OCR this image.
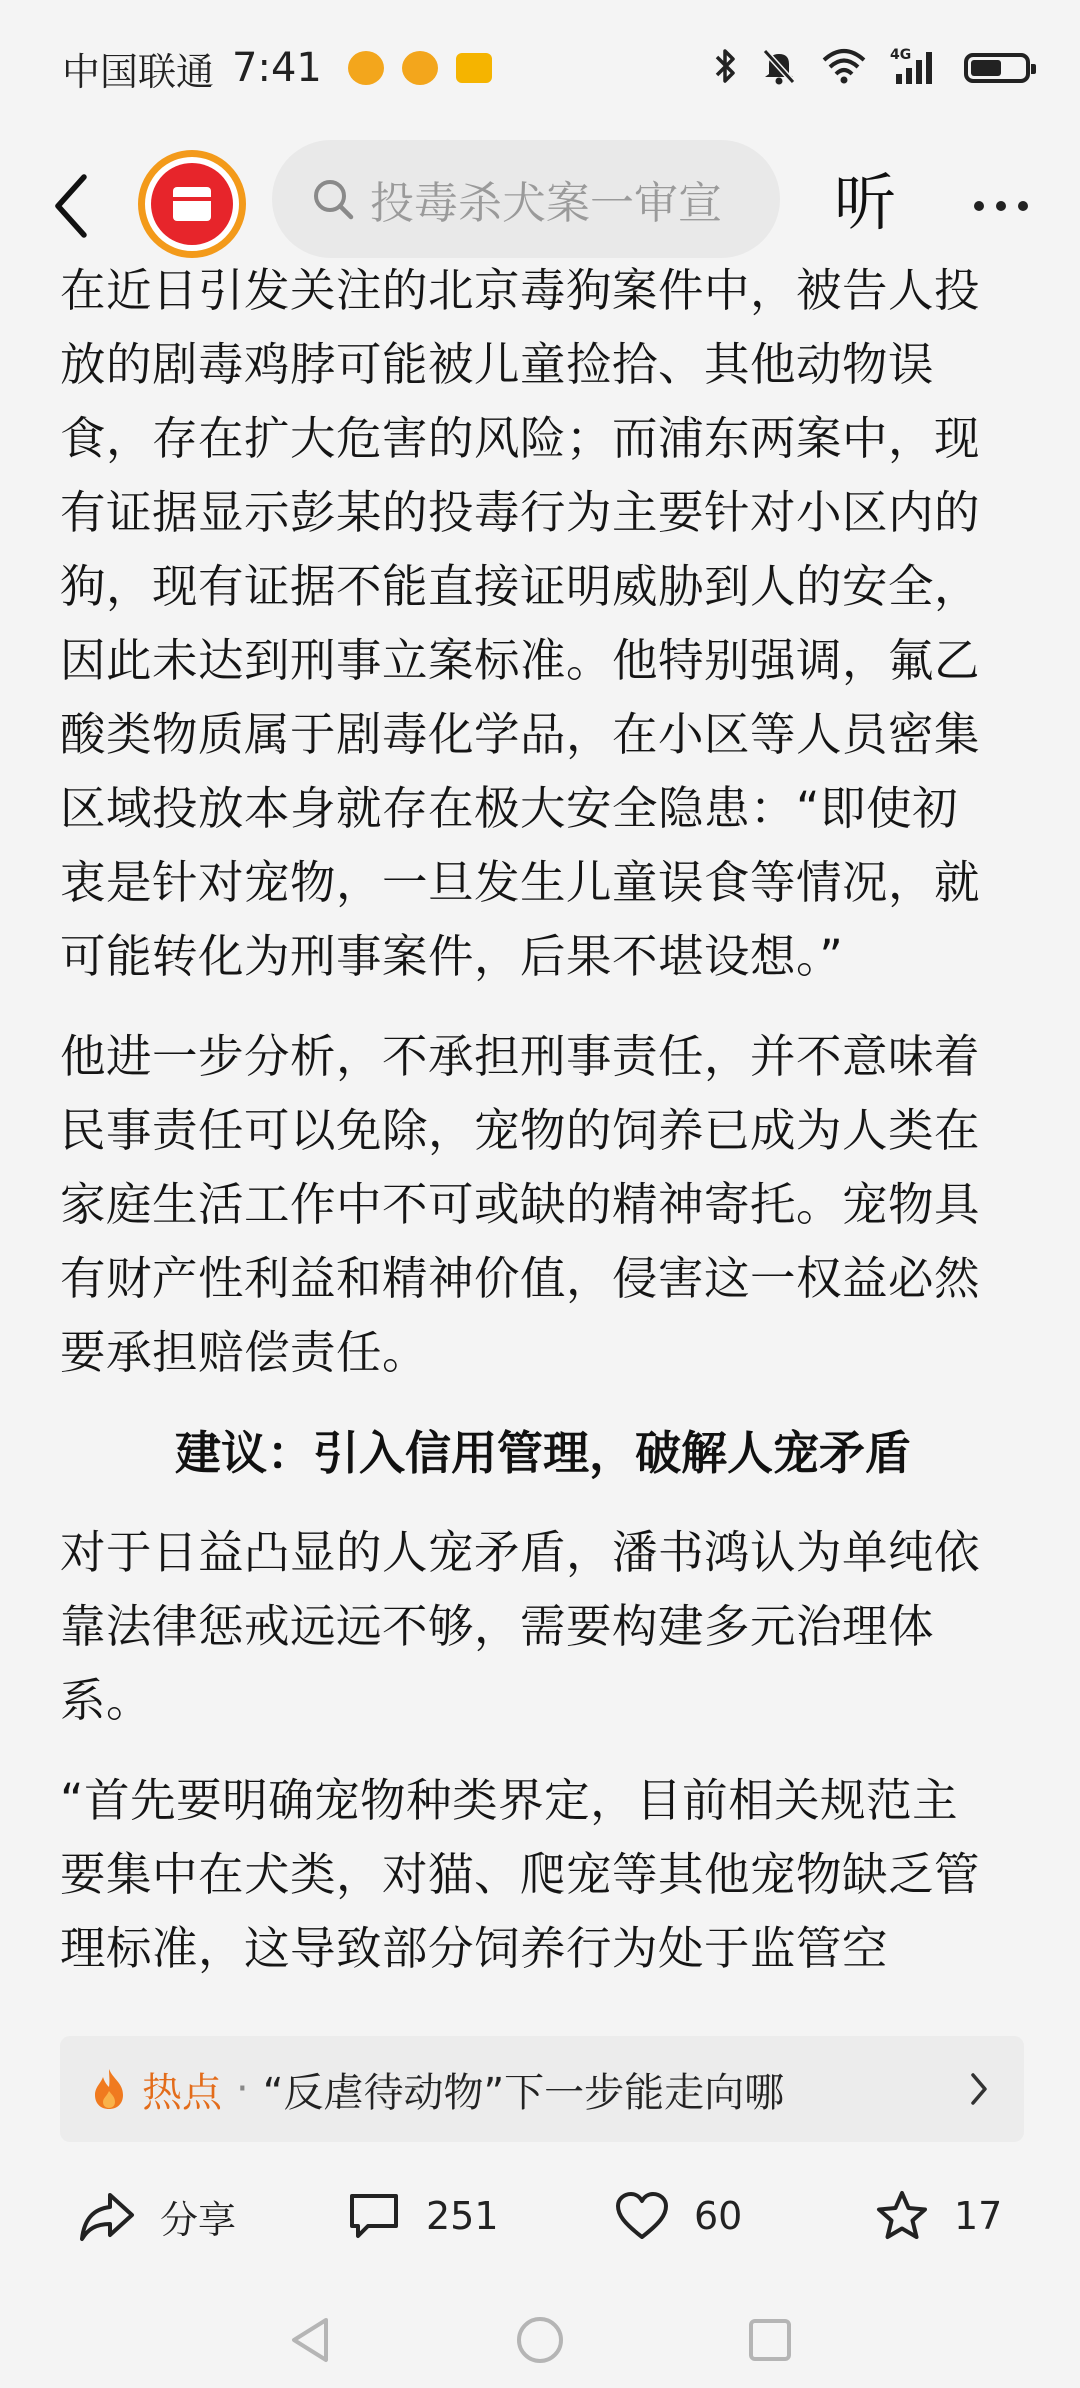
中国联通 7:41	4G
投毒杀犬案一审宣	听

在近日引发关注的北京毒狗案件中，被告人投

放的剧毒鸡脖可能被儿童捡拾、其他动物误

食，存在扩大危害的风险；而浦东两案中，现

有证据显示彭某的投毒行为主要针对小区内的

狗，现有证据不能直接证明威胁到人的安全，

因此未达到刑事立案标准。他特别强调，氟乙

酸类物质属于剧毒化学品，在小区等人员密集

区域投放本身就存在极大安全隐患：“即使初

衷是针对宠物，一旦发生儿童误食等情况，就

可能转化为刑事案件，后果不堪设想。”

他进一步分析，不承担刑事责任，并不意味着

民事责任可以免除，宠物的饲养已成为人类在

家庭生活工作中不可或缺的精神寄托。宠物具

有财产性利益和精神价值，侵害这一权益必然

要承担赔偿责任。

建议：引入信用管理，破解人宠矛盾

对于日益凸显的人宠矛盾，潘书鸿认为单纯依

靠法律惩戒远远不够，需要构建多元治理体

系。

“首先要明确宠物种类界定，目前相关规范主

要集中在犬类，对猫、爬宠等其他宠物缺乏管

理标准，这导致部分饲养行为处于监管空

热点 · “反虐待动物”下一步能走向哪
分享	251	60	17
